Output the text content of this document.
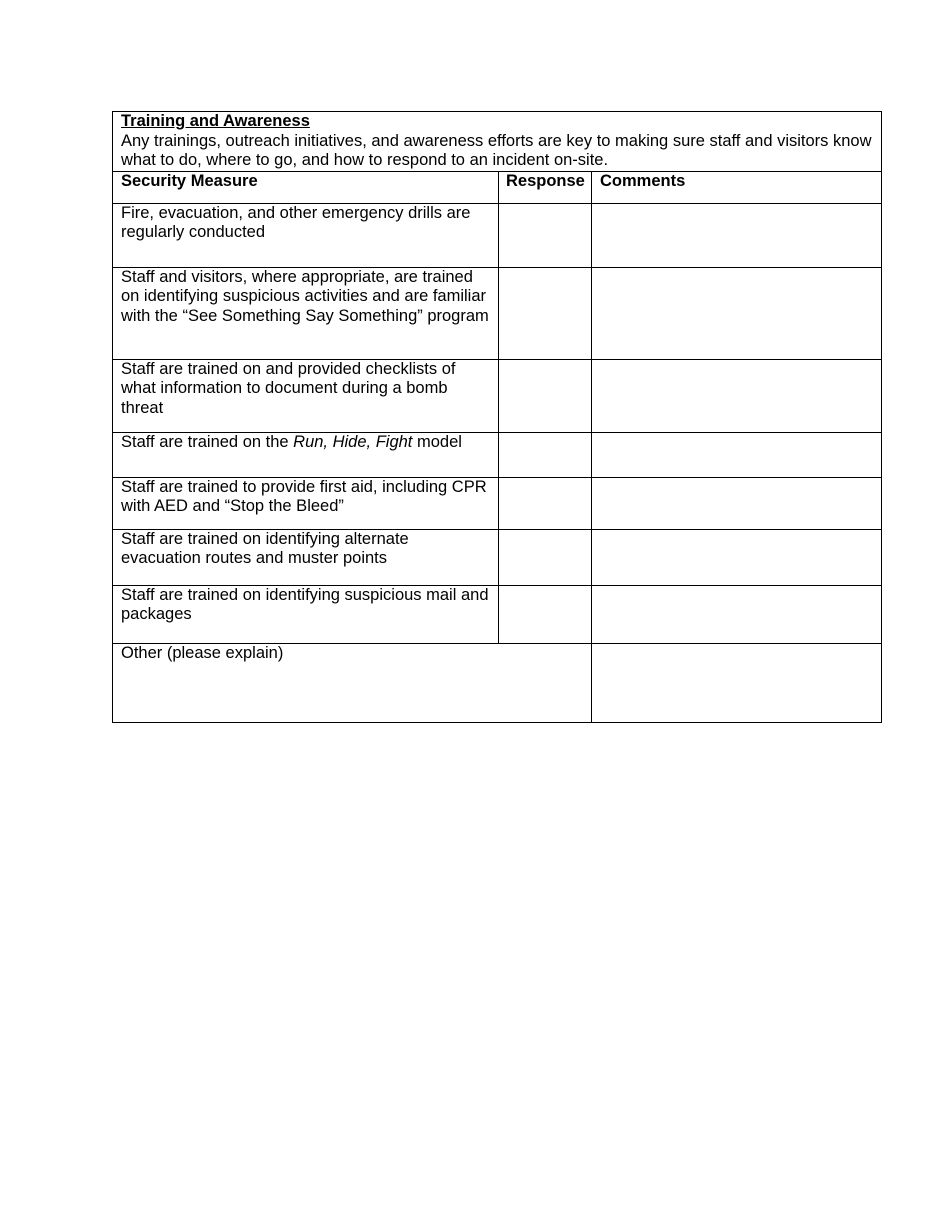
Training and Awareness
Any trainings, outreach initiatives, and awareness efforts are key to making sure staff and visitors know what to do, where to go, and how to respond to an incident on-site.		

Security Measure	Response	Comments
Fire, evacuation, and other emergency drills are regularly conducted		
Staff and visitors, where appropriate, are trained on identifying suspicious activities and are familiar with the “See Something Say Something” program		
Staff are trained on and provided checklists of what information to document during a bomb threat		
Staff are trained on the Run, Hide, Fight model		
Staff are trained to provide first aid, including CPR with AED and “Stop the Bleed”		
Staff are trained on identifying alternate evacuation routes and muster points		
Staff are trained on identifying suspicious mail and packages		
Other (please explain)		
